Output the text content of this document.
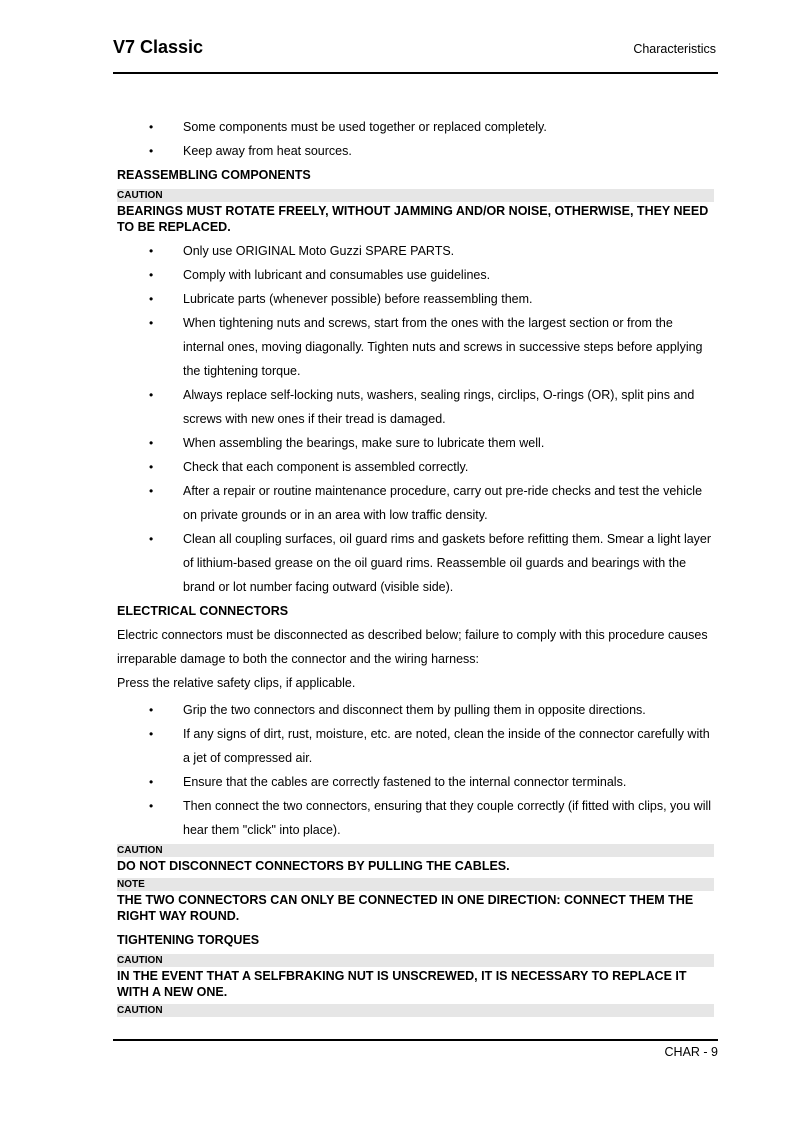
V7 Classic	Characteristics
• Some components must be used together or replaced completely.
• Keep away from heat sources.
REASSEMBLING COMPONENTS
CAUTION
BEARINGS MUST ROTATE FREELY, WITHOUT JAMMING AND/OR NOISE, OTHERWISE, THEY NEED TO BE REPLACED.
• Only use ORIGINAL Moto Guzzi SPARE PARTS.
• Comply with lubricant and consumables use guidelines.
• Lubricate parts (whenever possible) before reassembling them.
• When tightening nuts and screws, start from the ones with the largest section or from the internal ones, moving diagonally. Tighten nuts and screws in successive steps before applying the tightening torque.
• Always replace self-locking nuts, washers, sealing rings, circlips, O-rings (OR), split pins and screws with new ones if their tread is damaged.
• When assembling the bearings, make sure to lubricate them well.
• Check that each component is assembled correctly.
• After a repair or routine maintenance procedure, carry out pre-ride checks and test the vehicle on private grounds or in an area with low traffic density.
• Clean all coupling surfaces, oil guard rims and gaskets before refitting them. Smear a light layer of lithium-based grease on the oil guard rims. Reassemble oil guards and bearings with the brand or lot number facing outward (visible side).
ELECTRICAL CONNECTORS
Electric connectors must be disconnected as described below; failure to comply with this procedure causes irreparable damage to both the connector and the wiring harness:
Press the relative safety clips, if applicable.
• Grip the two connectors and disconnect them by pulling them in opposite directions.
• If any signs of dirt, rust, moisture, etc. are noted, clean the inside of the connector carefully with a jet of compressed air.
• Ensure that the cables are correctly fastened to the internal connector terminals.
• Then connect the two connectors, ensuring that they couple correctly (if fitted with clips, you will hear them "click" into place).
CAUTION
DO NOT DISCONNECT CONNECTORS BY PULLING THE CABLES.
NOTE
THE TWO CONNECTORS CAN ONLY BE CONNECTED IN ONE DIRECTION: CONNECT THEM THE RIGHT WAY ROUND.
TIGHTENING TORQUES
CAUTION
IN THE EVENT THAT A SELFBRAKING NUT IS UNSCREWED, IT IS NECESSARY TO REPLACE IT WITH A NEW ONE.
CAUTION
CHAR - 9
